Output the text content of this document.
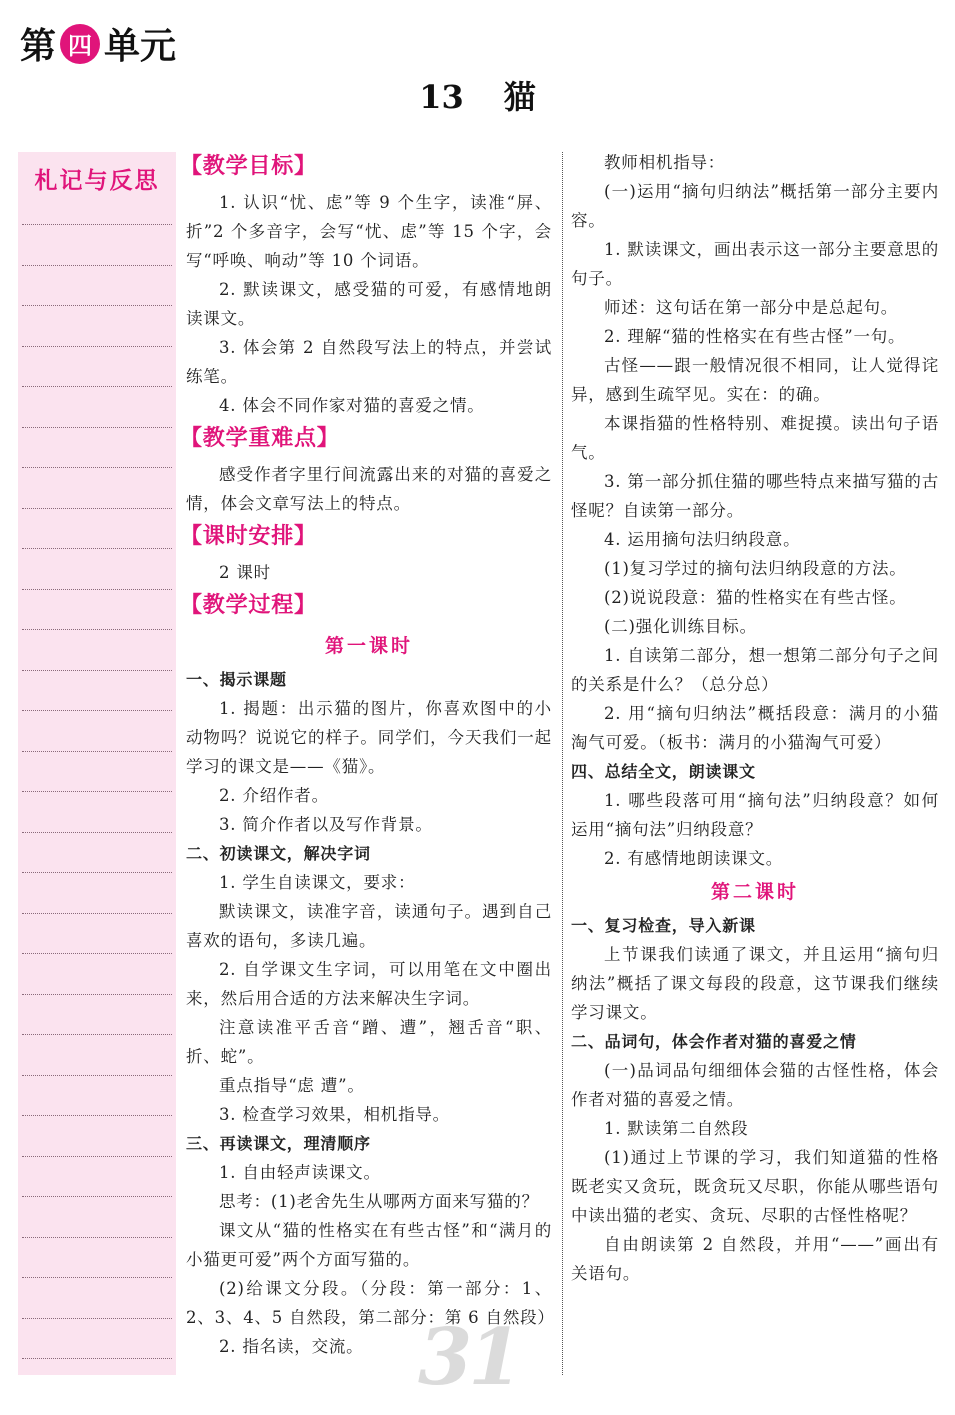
第 四 单元
13 猫
札记与反思
【教学目标】

1. 认识“忧、虑”等 9 个生字，读准“屏、折”2 个多音字，会写“忧、虑”等 15 个字，会写“呼唤、响动”等 10 个词语。

2. 默读课文，感受猫的可爱，有感情地朗读课文。

3. 体会第 2 自然段写法上的特点，并尝试练笔。

4. 体会不同作家对猫的喜爱之情。

【教学重难点】

感受作者字里行间流露出来的对猫的喜爱之情，体会文章写法上的特点。

【课时安排】

2 课时

【教学过程】
第一课时

一、揭示课题

1. 揭题：出示猫的图片，你喜欢图中的小动物吗？说说它的样子。同学们，今天我们一起学习的课文是——《猫》。

2. 介绍作者。

3. 简介作者以及写作背景。

二、初读课文，解决字词

1. 学生自读课文，要求：

默读课文，读准字音，读通句子。遇到自己喜欢的语句，多读几遍。

2. 自学课文生字词，可以用笔在文中圈出来，然后用合适的方法来解决生字词。

注意读准平舌音“蹭、遭”，翘舌音“职、折、蛇”。

重点指导“虑 遭”。

3. 检查学习效果，相机指导。

三、再读课文，理清顺序

1. 自由轻声读课文。

思考：(1)老舍先生从哪两方面来写猫的？

课文从“猫的性格实在有些古怪”和“满月的小猫更可爱”两个方面写猫的。

(2)给课文分段。（分段：第一部分：1、2、3、4、5 自然段，第二部分：第 6 自然段）

2. 指名读，交流。

教师相机指导：

(一)运用“摘句归纳法”概括第一部分主要内容。

1. 默读课文，画出表示这一部分主要意思的句子。

师述：这句话在第一部分中是总起句。

2. 理解“猫的性格实在有些古怪”一句。

古怪——跟一般情况很不相同，让人觉得诧异，感到生疏罕见。实在：的确。

本课指猫的性格特别、难捉摸。读出句子语气。

3. 第一部分抓住猫的哪些特点来描写猫的古怪呢？自读第一部分。

4. 运用摘句法归纳段意。

(1)复习学过的摘句法归纳段意的方法。

(2)说说段意：猫的性格实在有些古怪。

(二)强化训练目标。

1. 自读第二部分，想一想第二部分句子之间的关系是什么？（总分总）

2. 用“摘句归纳法”概括段意：满月的小猫淘气可爱。（板书：满月的小猫淘气可爱）

四、总结全文，朗读课文

1. 哪些段落可用“摘句法”归纳段意？如何运用“摘句法”归纳段意？

2. 有感情地朗读课文。

第二课时

一、复习检查，导入新课

上节课我们读通了课文，并且运用“摘句归纳法”概括了课文每段的段意，这节课我们继续学习课文。

二、品词句，体会作者对猫的喜爱之情

(一)品词品句细细体会猫的古怪性格，体会作者对猫的喜爱之情。

1. 默读第二自然段

(1)通过上节课的学习，我们知道猫的性格既老实又贪玩，既贪玩又尽职，你能从哪些语句中读出猫的老实、贪玩、尽职的古怪性格呢？

自由朗读第 2 自然段，并用“——”画出有关语句。

31
